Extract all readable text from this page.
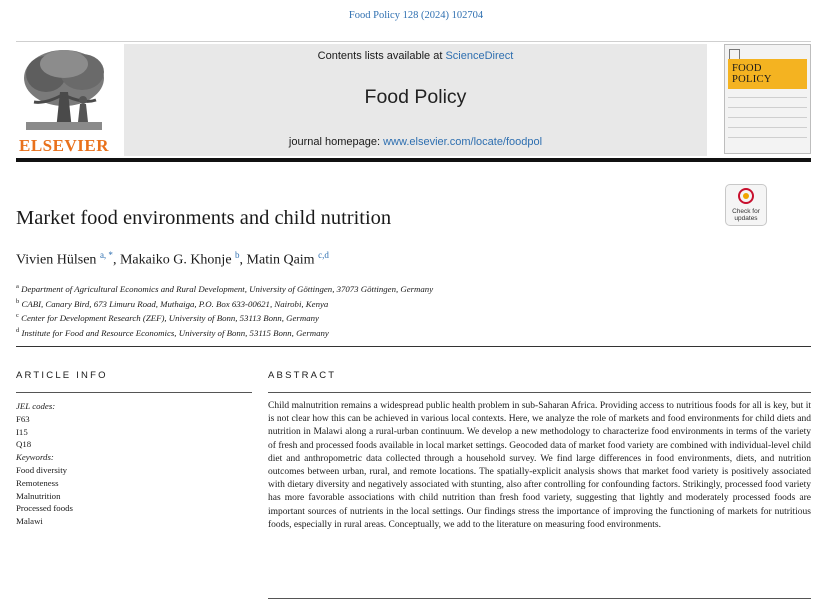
Food Policy 128 (2024) 102704
ELSEVIER
Contents lists available at ScienceDirect
Food Policy
journal homepage: www.elsevier.com/locate/foodpol
FOOD
POLICY
Check for
updates
Market food environments and child nutrition
Vivien Hülsen $^{a, *}$, Makaiko G. Khonje $^b$, Matin Qaim $^{c,d}$
$^a$ Department of Agricultural Economics and Rural Development, University of Göttingen, 37073 Göttingen, Germany
$^b$ CABI, Canary Bird, 673 Limuru Road, Muthaiga, P.O. Box 633-00621, Nairobi, Kenya
$^c$ Center for Development Research (ZEF), University of Bonn, 53113 Bonn, Germany
$^d$ Institute for Food and Resource Economics, University of Bonn, 53115 Bonn, Germany
ARTICLE INFO	ABSTRACT
JEL codes:
F63
I15
Q18
Keywords:
Food diversity
Remoteness
Malnutrition
Processed foods
Malawi
Child malnutrition remains a widespread public health problem in sub-Saharan Africa. Providing access to nutritious foods for all is key, but it is not clear how this can be achieved in various local contexts. Here, we analyze the role of markets and food environments for child diets and nutrition in Malawi along a rural-urban continuum. We develop a new methodology to characterize food environments in terms of the variety of fresh and processed foods available in local market settings. Geocoded data of market food variety are combined with individual-level child diet and anthropometric data collected through a household survey. We find large differences in food environments, diets, and nutrition outcomes between urban, rural, and remote locations. The spatially-explicit analysis shows that market food variety is positively associated with dietary diversity and negatively associated with stunting, also after controlling for confounding factors. Strikingly, processed food variety has more favorable associations with child nutrition than fresh food variety, suggesting that lightly and moderately processed foods are important sources of nutrients in the local settings. Our findings stress the importance of improving the functioning of markets for nutritious foods, especially in rural areas. Conceptually, we add to the literature on measuring food environments.
